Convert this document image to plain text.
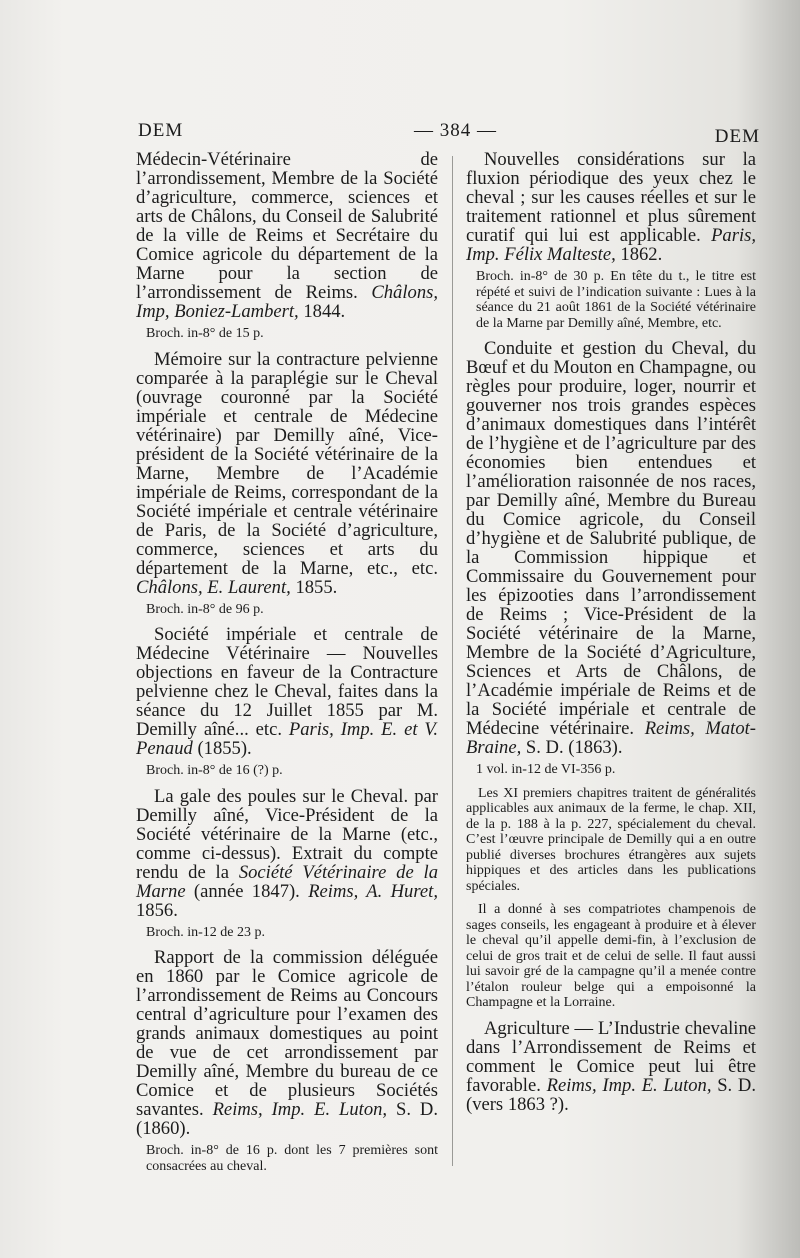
DEM	— 384 —	DEM

Médecin-Vétérinaire de l’arrondissement, Membre de la Société d’agriculture, commerce, sciences et arts de Châlons, du Conseil de Salubrité de la ville de Reims et Secrétaire du Comice agricole du département de la Marne pour la section de l’arrondissement de Reims. Châlons, Imp, Boniez-Lambert, 1844.

Broch. in-8° de 15 p.

Mémoire sur la contracture pelvienne comparée à la paraplégie sur le Cheval (ouvrage couronné par la Société impériale et centrale de Médecine vétérinaire) par Demilly aîné, Vice-président de la Société vétérinaire de la Marne, Membre de l’Académie impériale de Reims, correspondant de la Société impériale et centrale vétérinaire de Paris, de la Société d’agriculture, commerce, sciences et arts du département de la Marne, etc., etc. Châlons, E. Laurent, 1855.

Broch. in-8° de 96 p.

Société impériale et centrale de Médecine Vétérinaire — Nouvelles objections en faveur de la Contracture pelvienne chez le Cheval, faites dans la séance du 12 Juillet 1855 par M. Demilly aîné... etc. Paris, Imp. E. et V. Penaud (1855).

Broch. in-8° de 16 (?) p.

La gale des poules sur le Cheval. par Demilly aîné, Vice-Président de la Société vétérinaire de la Marne (etc., comme ci-dessus). Extrait du compte rendu de la Société Vétérinaire de la Marne (année 1847). Reims, A. Huret, 1856.

Broch. in-12 de 23 p.

Rapport de la commission déléguée en 1860 par le Comice agricole de l’arrondissement de Reims au Concours central d’agriculture pour l’examen des grands animaux domestiques au point de vue de cet arrondissement par Demilly aîné, Membre du bureau de ce Comice et de plusieurs Sociétés savantes. Reims, Imp. E. Luton, S. D. (1860).

Broch. in-8° de 16 p. dont les 7 premières sont consacrées au cheval.

Nouvelles considérations sur la fluxion périodique des yeux chez le cheval ; sur les causes réelles et sur le traitement rationnel et plus sûrement curatif qui lui est applicable. Paris, Imp. Félix Malteste, 1862.

Broch. in-8° de 30 p. En tête du t., le titre est répété et suivi de l’indication suivante : Lues à la séance du 21 août 1861 de la Société vétérinaire de la Marne par Demilly aîné, Membre, etc.

Conduite et gestion du Cheval, du Bœuf et du Mouton en Champagne, ou règles pour produire, loger, nourrir et gouverner nos trois grandes espèces d’animaux domestiques dans l’intérêt de l’hygiène et de l’agriculture par des économies bien entendues et l’amélioration raisonnée de nos races, par Demilly aîné, Membre du Bureau du Comice agricole, du Conseil d’hygiène et de Salubrité publique, de la Commission hippique et Commissaire du Gouvernement pour les épizooties dans l’arrondissement de Reims ; Vice-Président de la Société vétérinaire de la Marne, Membre de la Société d’Agriculture, Sciences et Arts de Châlons, de l’Académie impériale de Reims et de la Société impériale et centrale de Médecine vétérinaire. Reims, Matot-Braine, S. D. (1863).

1 vol. in-12 de VI-356 p.

Les XI premiers chapitres traitent de généralités applicables aux animaux de la ferme, le chap. XII, de la p. 188 à la p. 227, spécialement du cheval. C’est l’œuvre principale de Demilly qui a en outre publié diverses brochures étrangères aux sujets hippiques et des articles dans les publications spéciales.

Il a donné à ses compatriotes champenois de sages conseils, les engageant à produire et à élever le cheval qu’il appelle demi-fin, à l’exclusion de celui de gros trait et de celui de selle. Il faut aussi lui savoir gré de la campagne qu’il a menée contre l’étalon rouleur belge qui a empoisonné la Champagne et la Lorraine.

Agriculture — L’Industrie chevaline dans l’Arrondissement de Reims et comment le Comice peut lui être favorable. Reims, Imp. E. Luton, S. D. (vers 1863 ?).
